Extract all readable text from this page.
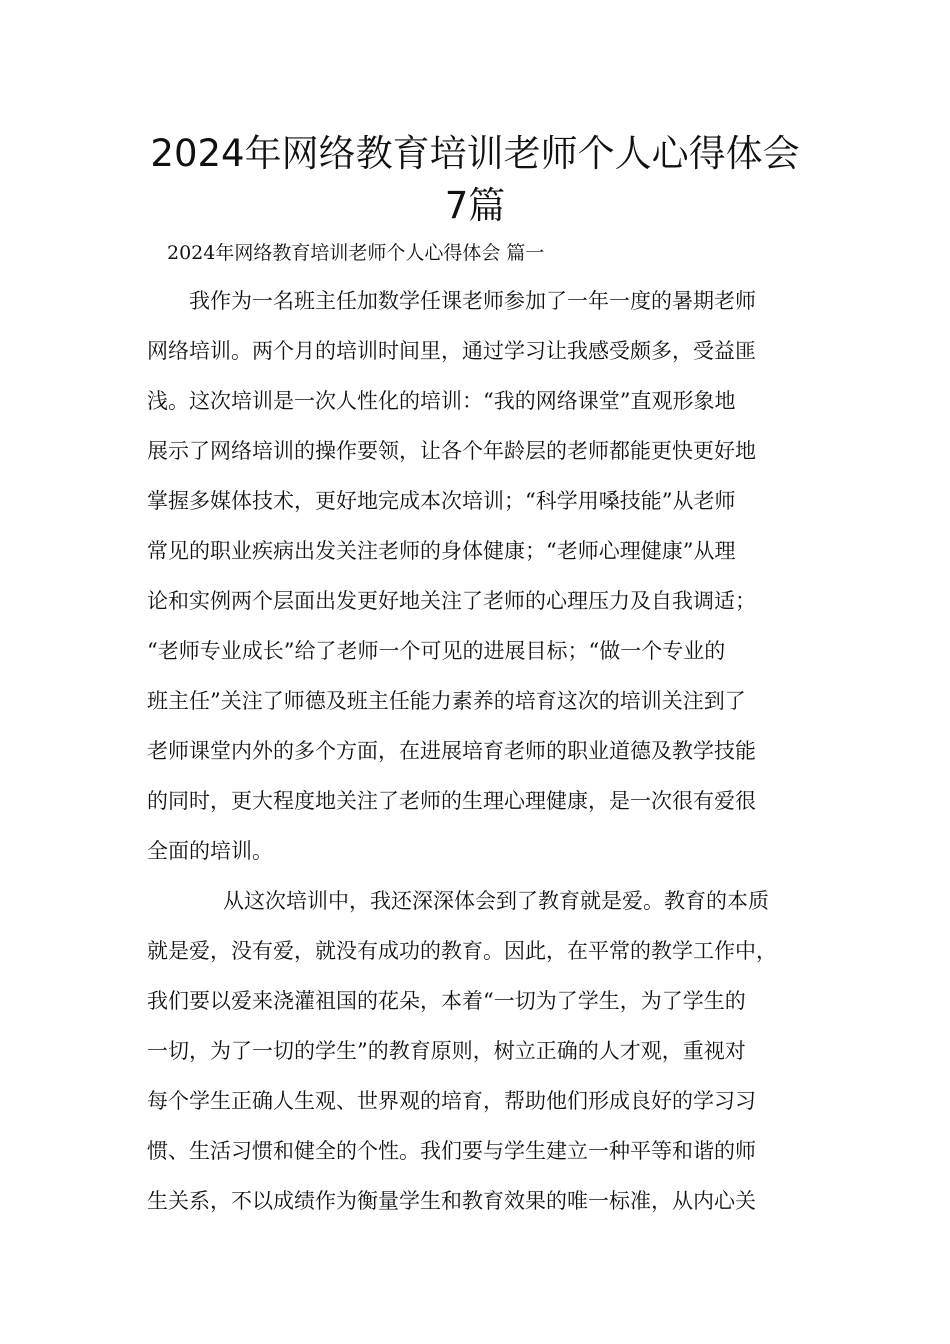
2024年网络教育培训老师个人心得体会
7篇

2024年网络教育培训老师个人心得体会 篇一

我作为一名班主任加数学任课老师参加了一年一度的暑期老师

网络培训。两个月的培训时间里，通过学习让我感受颇多，受益匪

浅。这次培训是一次人性化的培训：“我的网络课堂”直观形象地

展示了网络培训的操作要领，让各个年龄层的老师都能更快更好地

掌握多媒体技术，更好地完成本次培训；“科学用嗓技能”从老师

常见的职业疾病出发关注老师的身体健康；“老师心理健康”从理

论和实例两个层面出发更好地关注了老师的心理压力及自我调适；

“老师专业成长”给了老师一个可见的进展目标；“做一个专业的

班主任”关注了师德及班主任能力素养的培育这次的培训关注到了

老师课堂内外的多个方面，在进展培育老师的职业道德及教学技能

的同时，更大程度地关注了老师的生理心理健康，是一次很有爱很

全面的培训。

从这次培训中，我还深深体会到了教育就是爱。教育的本质

就是爱，没有爱，就没有成功的教育。因此，在平常的教学工作中，

我们要以爱来浇灌祖国的花朵，本着“一切为了学生，为了学生的

一切，为了一切的学生”的教育原则，树立正确的人才观，重视对

每个学生正确人生观、世界观的培育，帮助他们形成良好的学习习

惯、生活习惯和健全的个性。我们要与学生建立一种平等和谐的师

生关系，不以成绩作为衡量学生和教育效果的唯一标准，从内心关
